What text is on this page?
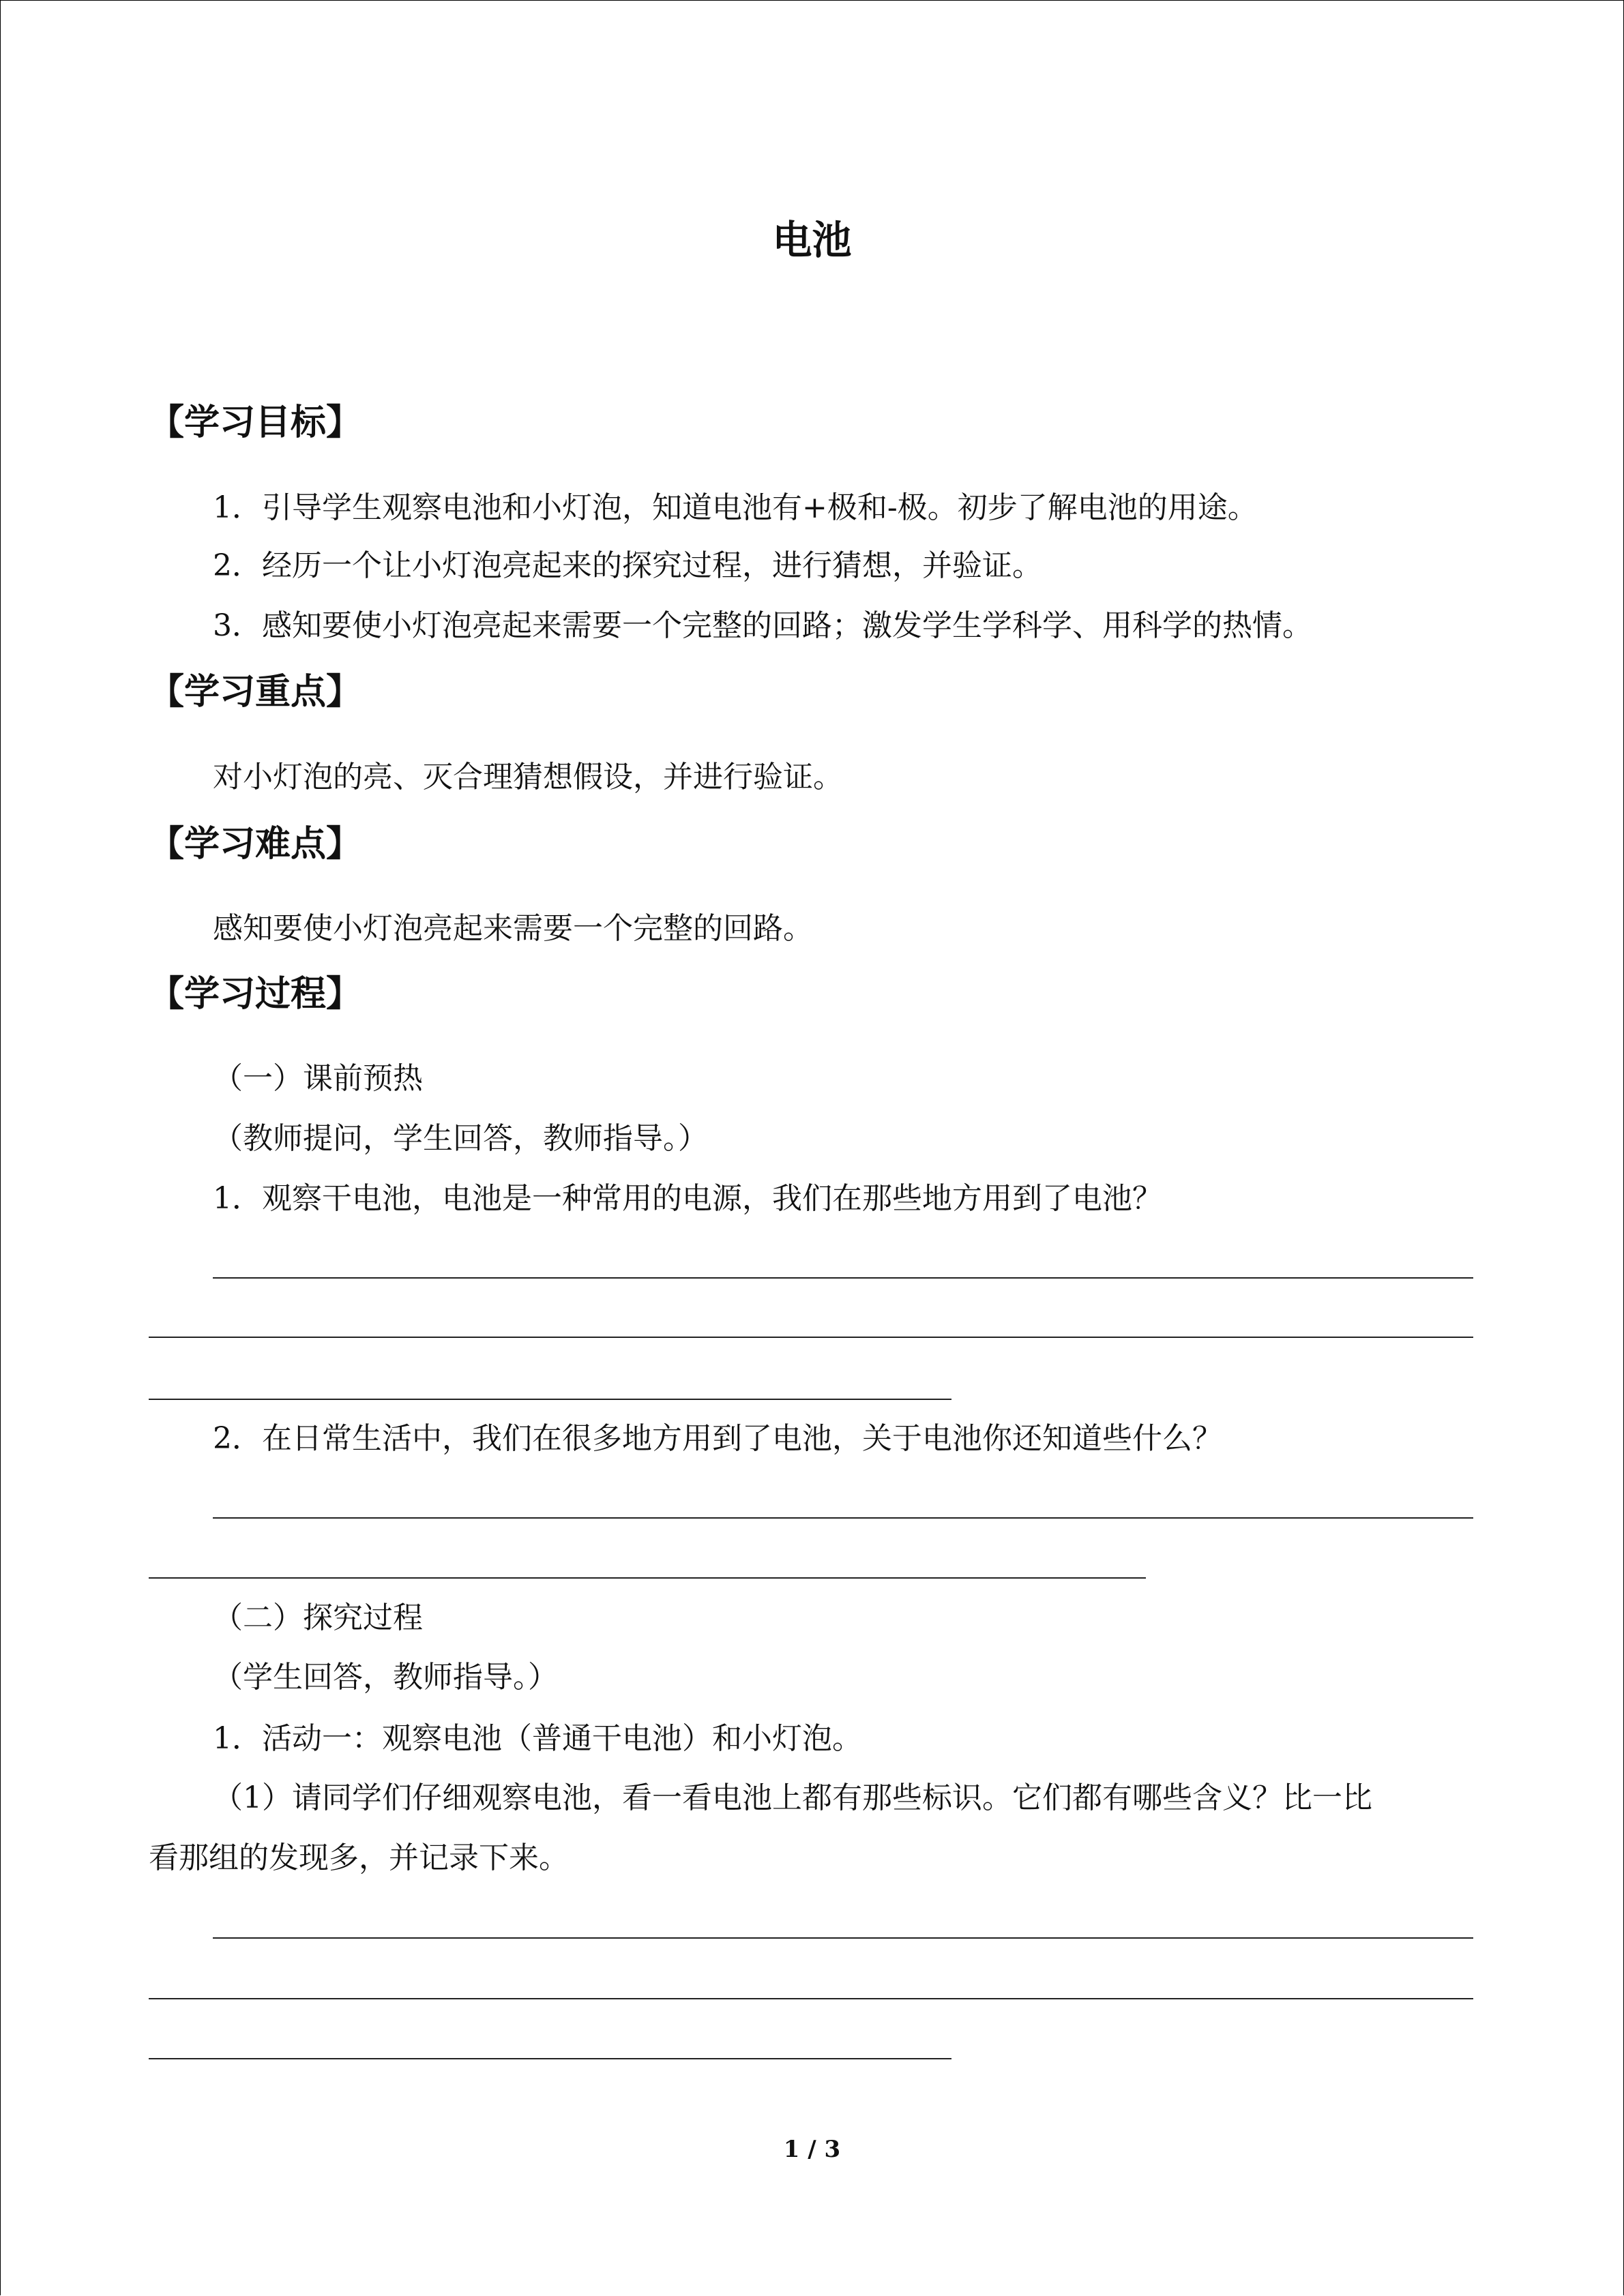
电池
【学习目标】
1．引导学生观察电池和小灯泡，知道电池有+极和-极。初步了解电池的用途。
2．经历一个让小灯泡亮起来的探究过程，进行猜想，并验证。
3．感知要使小灯泡亮起来需要一个完整的回路；激发学生学科学、用科学的热情。
【学习重点】
对小灯泡的亮、灭合理猜想假设，并进行验证。
【学习难点】
感知要使小灯泡亮起来需要一个完整的回路。
【学习过程】
（一）课前预热
（教师提问，学生回答，教师指导。）
1．观察干电池，电池是一种常用的电源，我们在那些地方用到了电池？
2．在日常生活中，我们在很多地方用到了电池，关于电池你还知道些什么？
（二）探究过程
（学生回答，教师指导。）
1．活动一：观察电池（普通干电池）和小灯泡。
（1）请同学们仔细观察电池，看一看电池上都有那些标识。它们都有哪些含义？比一比
看那组的发现多，并记录下来。
1 / 3
